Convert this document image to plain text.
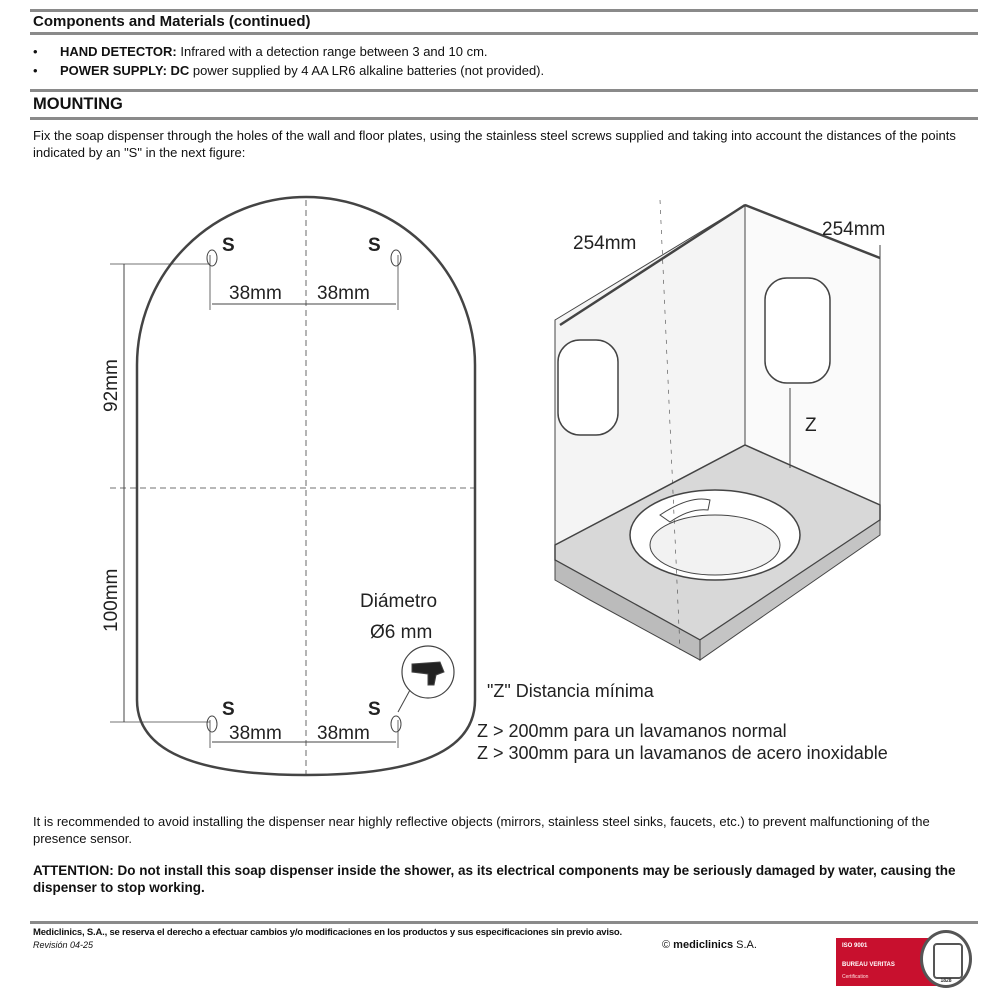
Components and Materials (continued)
• HAND DETECTOR: Infrared with a detection range between 3 and 10 cm.
• POWER SUPPLY: DC power supplied by 4 AA LR6 alkaline batteries (not provided).
MOUNTING
Fix the soap dispenser through the holes of the wall and floor plates, using the stainless steel screws supplied and taking into account the distances of the points indicated by an "S" in the next figure:
S	S
S	S
38mm 38mm
38mm 38mm
92mm
100mm	Diámetro
Ø6 mm
254mm
254mm
Z
"Z" Distancia mínima
Z > 200mm para un lavamanos normal
Z > 300mm para un lavamanos de acero inoxidable
It is recommended to avoid installing the dispenser near highly reflective objects (mirrors, stainless steel sinks, faucets, etc.) to prevent malfunctioning of the presence sensor.
ATTENTION: Do not install this soap dispenser inside the shower, as its electrical components may be seriously damaged by water, causing the dispenser to stop working.
Mediclinics, S.A., se reserva el derecho a efectuar cambios y/o modificaciones en los productos y sus especificaciones sin previo aviso.
Revisión 04-25	© mediclinics S.A.	ISO 9001
BUREAU VERITAS
Certification
1828
